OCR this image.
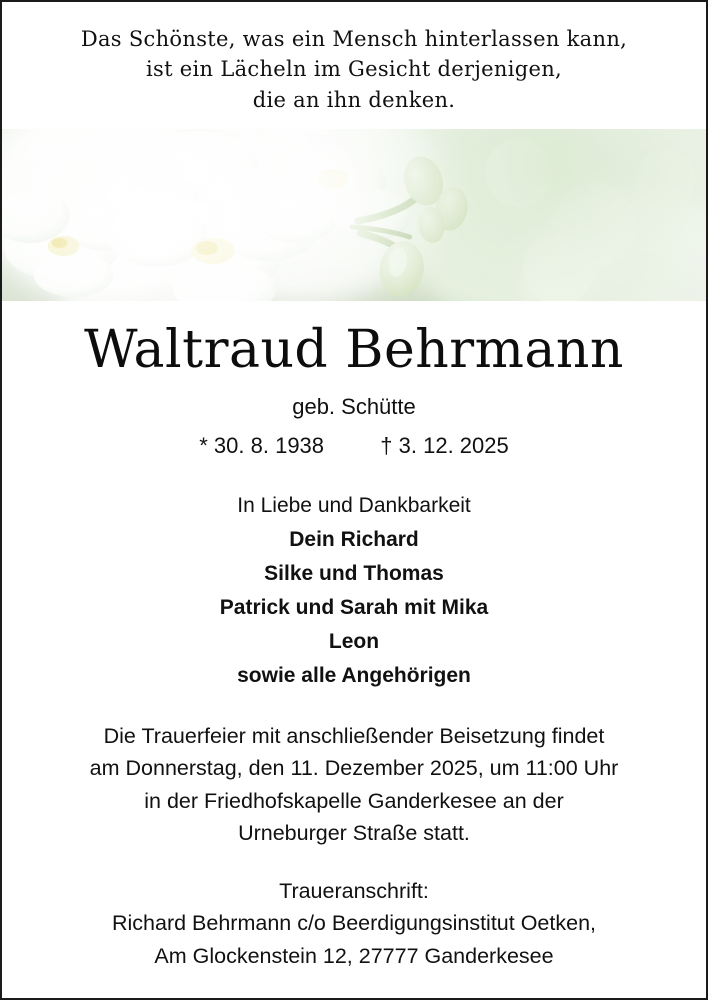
Das Schönste, was ein Mensch hinterlassen kann,
ist ein Lächeln im Gesicht derjenigen,
die an ihn denken.
Waltraud Behrmann
geb. Schütte
* 30. 8. 1938	† 3. 12. 2025
In Liebe und Dankbarkeit
Dein Richard
Silke und Thomas
Patrick und Sarah mit Mika
Leon
sowie alle Angehörigen
Die Trauerfeier mit anschließender Beisetzung findet
am Donnerstag, den 11. Dezember 2025, um 11:00 Uhr
in der Friedhofskapelle Ganderkesee an der
Urneburger Straße statt.
Traueranschrift:
Richard Behrmann c/o Beerdigungsinstitut Oetken,
Am Glockenstein 12, 27777 Ganderkesee
